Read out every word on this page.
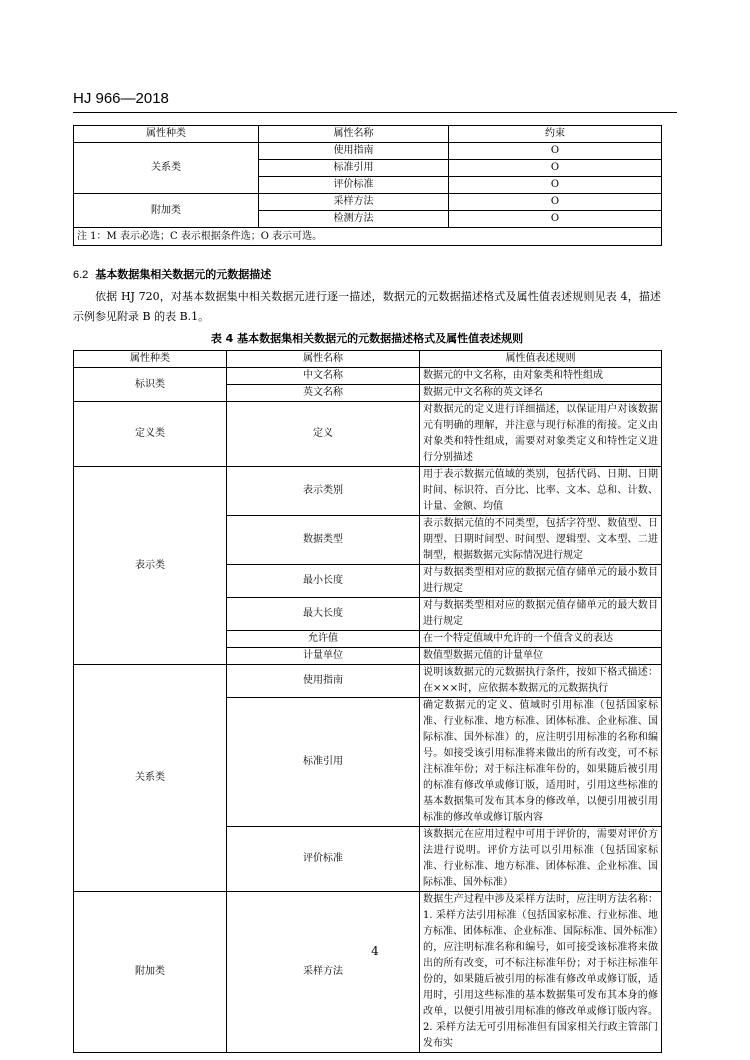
HJ 966—2018
属性种类	属性名称	约束
关系类	使用指南	O
	标准引用	O
	评价标准	O
附加类	采样方法	O
	检测方法	O
注 1：M 表示必选；C 表示根据条件选；O 表示可选。		
6.2 基本数据集相关数据元的元数据描述
依据 HJ 720，对基本数据集中相关数据元进行逐一描述，数据元的元数据描述格式及属性值表述规则见表 4，描述示例参见附录 B 的表 B.1。
表 4 基本数据集相关数据元的元数据描述格式及属性值表述规则
属性种类	属性名称	属性值表述规则
标识类	中文名称	数据元的中文名称，由对象类和特性组成
	英文名称	数据元中文名称的英文译名
定义类	定义	对数据元的定义进行详细描述，以保证用户对该数据元有明确的理解，并注意与现行标准的衔接。定义由对象类和特性组成，需要对对象类定义和特性定义进行分别描述
表示类	表示类别	用于表示数据元值域的类别，包括代码、日期、日期时间、标识符、百分比、比率、文本、总和、计数、计量、金额、均值
	数据类型	表示数据元值的不同类型，包括字符型、数值型、日期型、日期时间型、时间型、逻辑型、文本型、二进制型，根据数据元实际情况进行规定
	最小长度	对与数据类型相对应的数据元值存储单元的最小数目进行规定
	最大长度	对与数据类型相对应的数据元值存储单元的最大数目进行规定
	允许值	在一个特定值域中允许的一个值含义的表达
	计量单位	数值型数据元值的计量单位
关系类	使用指南	说明该数据元的元数据执行条件，按如下格式描述：在×××时，应依据本数据元的元数据执行
	标准引用	确定数据元的定义、值域时引用标准（包括国家标准、行业标准、地方标准、团体标准、企业标准、国际标准、国外标准）的，应注明引用标准的名称和编号。如接受该引用标准将来做出的所有改变，可不标注标准年份；对于标注标准年份的，如果随后被引用的标准有修改单或修订版，适用时，引用这些标准的基本数据集可发布其本身的修改单，以便引用被引用标准的修改单或修订版内容
	评价标准	该数据元在应用过程中可用于评价的，需要对评价方法进行说明。评价方法可以引用标准（包括国家标准、行业标准、地方标准、团体标准、企业标准、国际标准、国外标准）
附加类	采样方法	数据生产过程中涉及采样方法时，应注明方法名称：1. 采样方法引用标准（包括国家标准、行业标准、地方标准、团体标准、企业标准、国际标准、国外标准）的，应注明标准名称和编号，如可接受该标准将来做出的所有改变，可不标注标准年份；对于标注标准年份的，如果随后被引用的标准有修改单或修订版，适用时，引用这些标准的基本数据集可发布其本身的修改单，以便引用被引用标准的修改单或修订版内容。2. 采样方法无可引用标准但有国家相关行政主管部门发布实
4
